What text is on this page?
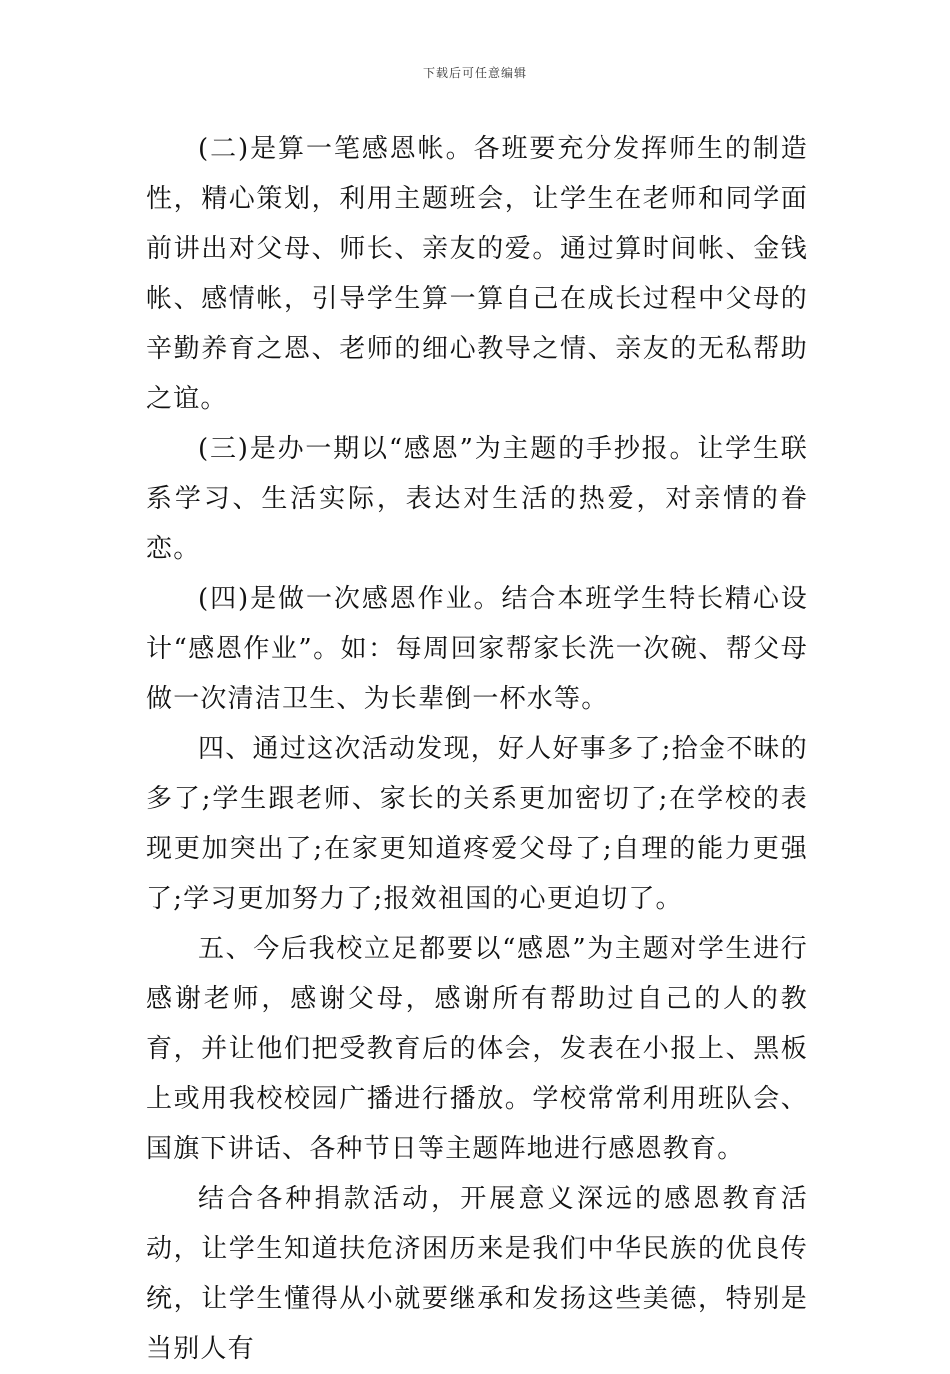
下载后可任意编辑

(二)是算一笔感恩帐。各班要充分发挥师生的制造性，精心策划，利用主题班会，让学生在老师和同学面前讲出对父母、师长、亲友的爱。通过算时间帐、金钱帐、感情帐，引导学生算一算自己在成长过程中父母的辛勤养育之恩、老师的细心教导之情、亲友的无私帮助之谊。

(三)是办一期以“感恩”为主题的手抄报。让学生联系学习、生活实际，表达对生活的热爱，对亲情的眷恋。

(四)是做一次感恩作业。结合本班学生特长精心设计“感恩作业”。如：每周回家帮家长洗一次碗、帮父母做一次清洁卫生、为长辈倒一杯水等。

四、通过这次活动发现，好人好事多了;拾金不昧的多了;学生跟老师、家长的关系更加密切了;在学校的表现更加突出了;在家更知道疼爱父母了;自理的能力更强了;学习更加努力了;报效祖国的心更迫切了。

五、今后我校立足都要以“感恩”为主题对学生进行感谢老师，感谢父母，感谢所有帮助过自己的人的教育，并让他们把受教育后的体会，发表在小报上、黑板上或用我校校园广播进行播放。学校常常利用班队会、国旗下讲话、各种节日等主题阵地进行感恩教育。

结合各种捐款活动，开展意义深远的感恩教育活动，让学生知道扶危济困历来是我们中华民族的优良传统，让学生懂得从小就要继承和发扬这些美德，特别是当别人有
